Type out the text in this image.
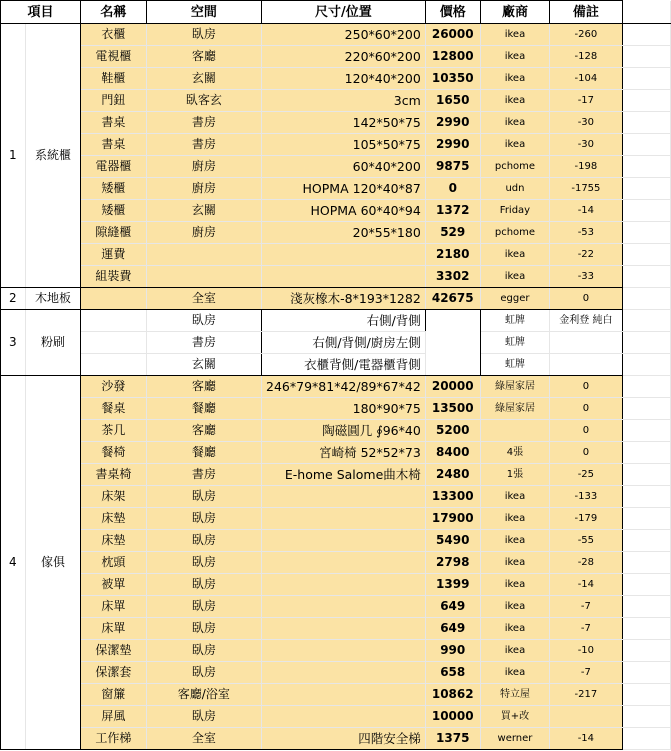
項目		名稱	空間	尺寸/位置	價格	廠商	備註	
1	系統櫃	衣櫃	臥房	250*60*200	26000	ikea	-260	
		電視櫃	客廳	220*60*200	12800	ikea	-128	
		鞋櫃	玄關	120*40*200	10350	ikea	-104	
		門鈕	臥客玄	3cm	1650	ikea	-17	
		書桌	書房	142*50*75	2990	ikea	-30	
		書桌	書房	105*50*75	2990	ikea	-30	
		電器櫃	廚房	60*40*200	9875	pchome	-198	
		矮櫃	廚房	HOPMA 120*40*87	0	udn	-1755	
		矮櫃	玄關	HOPMA 60*40*94	1372	Friday	-14	
		隙縫櫃	廚房	20*55*180	529	pchome	-53	
		運費			2180	ikea	-22	
		組裝費			3302	ikea	-33	
2	木地板		全室	淺灰橡木-8*193*1282	42675	egger	0	
3	粉刷		臥房	右側/背側		虹牌	金利登 純白	
			書房	右側/背側/廚房左側		虹牌		
			玄關	衣櫃背側/電器櫃背側		虹牌		
4	傢俱	沙發	客廳	246*79*81*42/89*67*42	20000	綠屋家居	0	
		餐桌	餐廳	180*90*75	13500	綠屋家居	0	
		茶几	客廳	陶磁圓几 ∮96*40	5200		0	
		餐椅	餐廳	宮崎椅 52*52*73	8400	4張	0	
		書桌椅	書房	E-home Salome曲木椅	2480	1張	-25	
		床架	臥房		13300	ikea	-133	
		床墊	臥房		17900	ikea	-179	
		床墊	臥房		5490	ikea	-55	
		枕頭	臥房		2798	ikea	-28	
		被單	臥房		1399	ikea	-14	
		床單	臥房		649	ikea	-7	
		床單	臥房		649	ikea	-7	
		保潔墊	臥房		990	ikea	-10	
		保潔套	臥房		658	ikea	-7	
		窗簾	客廳/浴室		10862	特立屋	-217	
		屏風	臥房		10000	買+改		
		工作梯	全室	四階安全梯	1375	werner	-14	
